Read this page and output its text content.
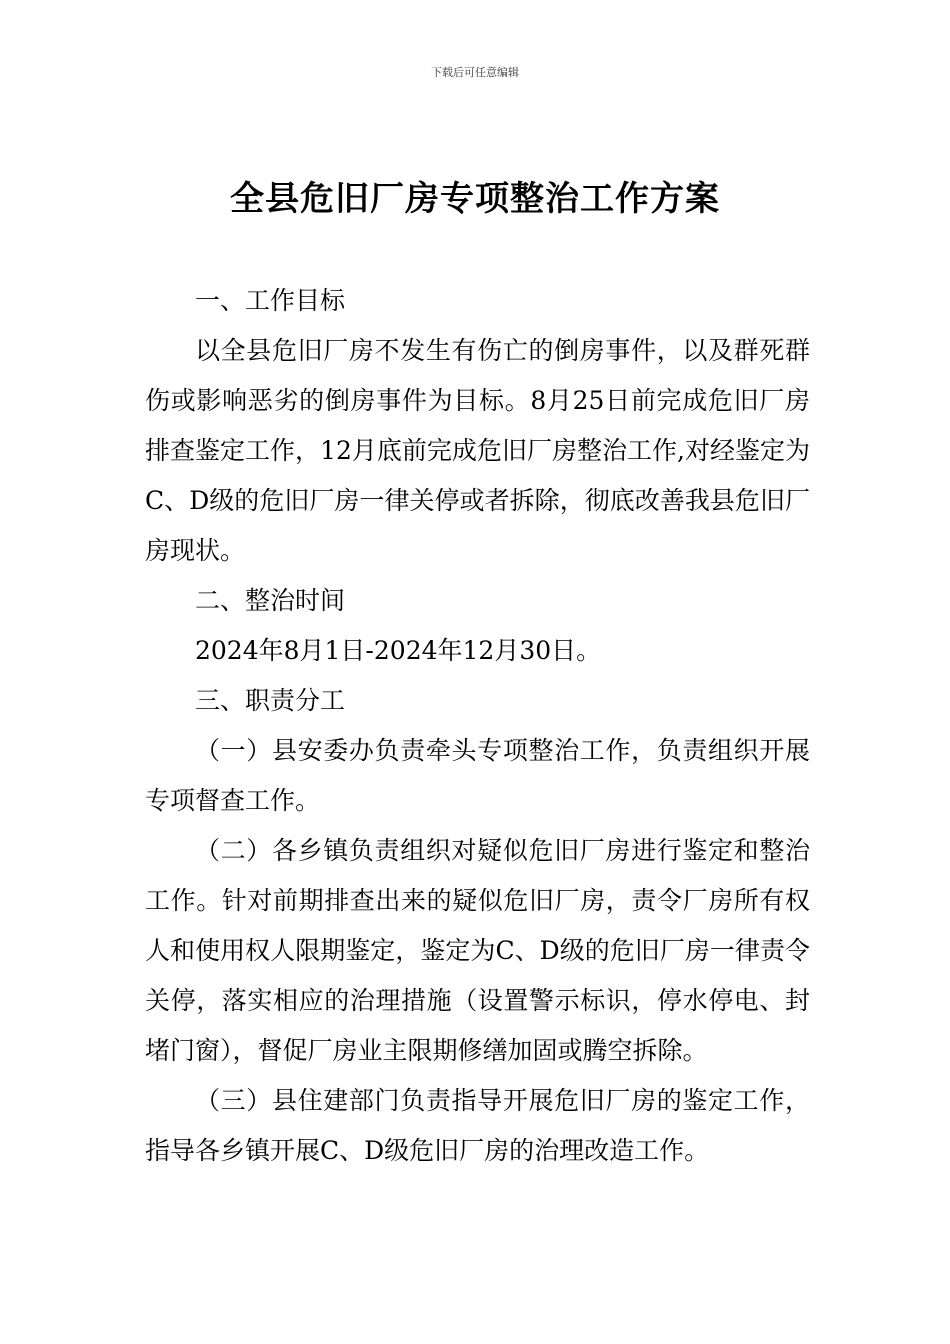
下载后可任意编辑
全县危旧厂房专项整治工作方案

一、工作目标

以全县危旧厂房不发生有伤亡的倒房事件，以及群死群伤或影响恶劣的倒房事件为目标。8月25日前完成危旧厂房排查鉴定工作，12月底前完成危旧厂房整治工作,对经鉴定为C、D级的危旧厂房一律关停或者拆除，彻底改善我县危旧厂房现状。

二、整治时间

2024年8月1日-2024年12月30日。

三、职责分工

（一）县安委办负责牵头专项整治工作，负责组织开展专项督查工作。

（二）各乡镇负责组织对疑似危旧厂房进行鉴定和整治工作。针对前期排查出来的疑似危旧厂房，责令厂房所有权人和使用权人限期鉴定，鉴定为C、D级的危旧厂房一律责令关停，落实相应的治理措施（设置警示标识，停水停电、封堵门窗），督促厂房业主限期修缮加固或腾空拆除。

（三）县住建部门负责指导开展危旧厂房的鉴定工作，指导各乡镇开展C、D级危旧厂房的治理改造工作。
